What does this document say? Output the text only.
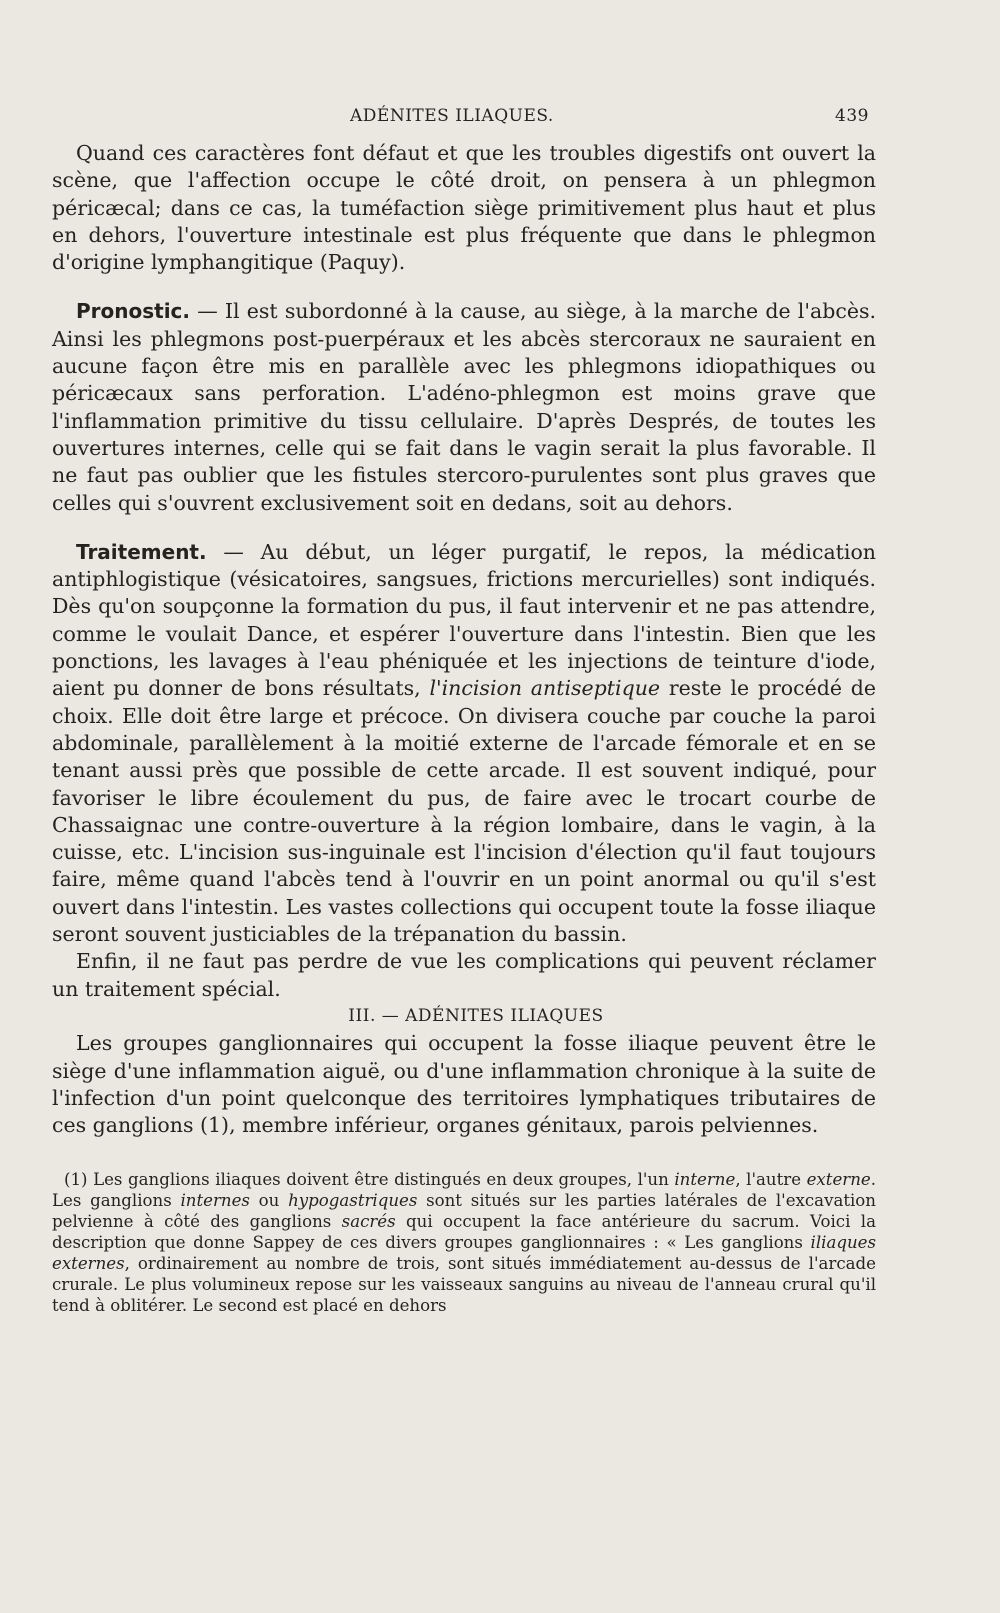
ADÉNITES ILIAQUES.	439

Quand ces caractères font défaut et que les troubles digestifs ont ouvert la scène, que l'affection occupe le côté droit, on pensera à un phlegmon péricæcal; dans ce cas, la tuméfaction siège primitivement plus haut et plus en dehors, l'ouverture intestinale est plus fréquente que dans le phlegmon d'origine lymphangitique (Paquy).

Pronostic. — Il est subordonné à la cause, au siège, à la marche de l'abcès. Ainsi les phlegmons post-puerpéraux et les abcès stercoraux ne sauraient en aucune façon être mis en parallèle avec les phlegmons idiopathiques ou péricæcaux sans perforation. L'adéno-phlegmon est moins grave que l'inflammation primitive du tissu cellulaire. D'après Després, de toutes les ouvertures internes, celle qui se fait dans le vagin serait la plus favorable. Il ne faut pas oublier que les fistules stercoro-purulentes sont plus graves que celles qui s'ouvrent exclusivement soit en dedans, soit au dehors.

Traitement. — Au début, un léger purgatif, le repos, la médication antiphlogistique (vésicatoires, sangsues, frictions mercurielles) sont indiqués. Dès qu'on soupçonne la formation du pus, il faut intervenir et ne pas attendre, comme le voulait Dance, et espérer l'ouverture dans l'intestin. Bien que les ponctions, les lavages à l'eau phéniquée et les injections de teinture d'iode, aient pu donner de bons résultats, l'incision antiseptique reste le procédé de choix. Elle doit être large et précoce. On divisera couche par couche la paroi abdominale, parallèlement à la moitié externe de l'arcade fémorale et en se tenant aussi près que possible de cette arcade. Il est souvent indiqué, pour favoriser le libre écoulement du pus, de faire avec le trocart courbe de Chassaignac une contre-ouverture à la région lombaire, dans le vagin, à la cuisse, etc. L'incision sus-inguinale est l'incision d'élection qu'il faut toujours faire, même quand l'abcès tend à l'ouvrir en un point anormal ou qu'il s'est ouvert dans l'intestin. Les vastes collections qui occupent toute la fosse iliaque seront souvent justiciables de la trépanation du bassin.

Enfin, il ne faut pas perdre de vue les complications qui peuvent réclamer un traitement spécial.

III. — ADÉNITES ILIAQUES

Les groupes ganglionnaires qui occupent la fosse iliaque peuvent être le siège d'une inflammation aiguë, ou d'une inflammation chronique à la suite de l'infection d'un point quelconque des territoires lymphatiques tributaires de ces ganglions (1), membre inférieur, organes génitaux, parois pelviennes.

(1) Les ganglions iliaques doivent être distingués en deux groupes, l'un interne, l'autre externe. Les ganglions internes ou hypogastriques sont situés sur les parties latérales de l'excavation pelvienne à côté des ganglions sacrés qui occupent la face antérieure du sacrum. Voici la description que donne Sappey de ces divers groupes ganglionnaires : « Les ganglions iliaques externes, ordinairement au nombre de trois, sont situés immédiatement au-dessus de l'arcade crurale. Le plus volumineux repose sur les vaisseaux sanguins au niveau de l'anneau crural qu'il tend à oblitérer. Le second est placé en dehors
